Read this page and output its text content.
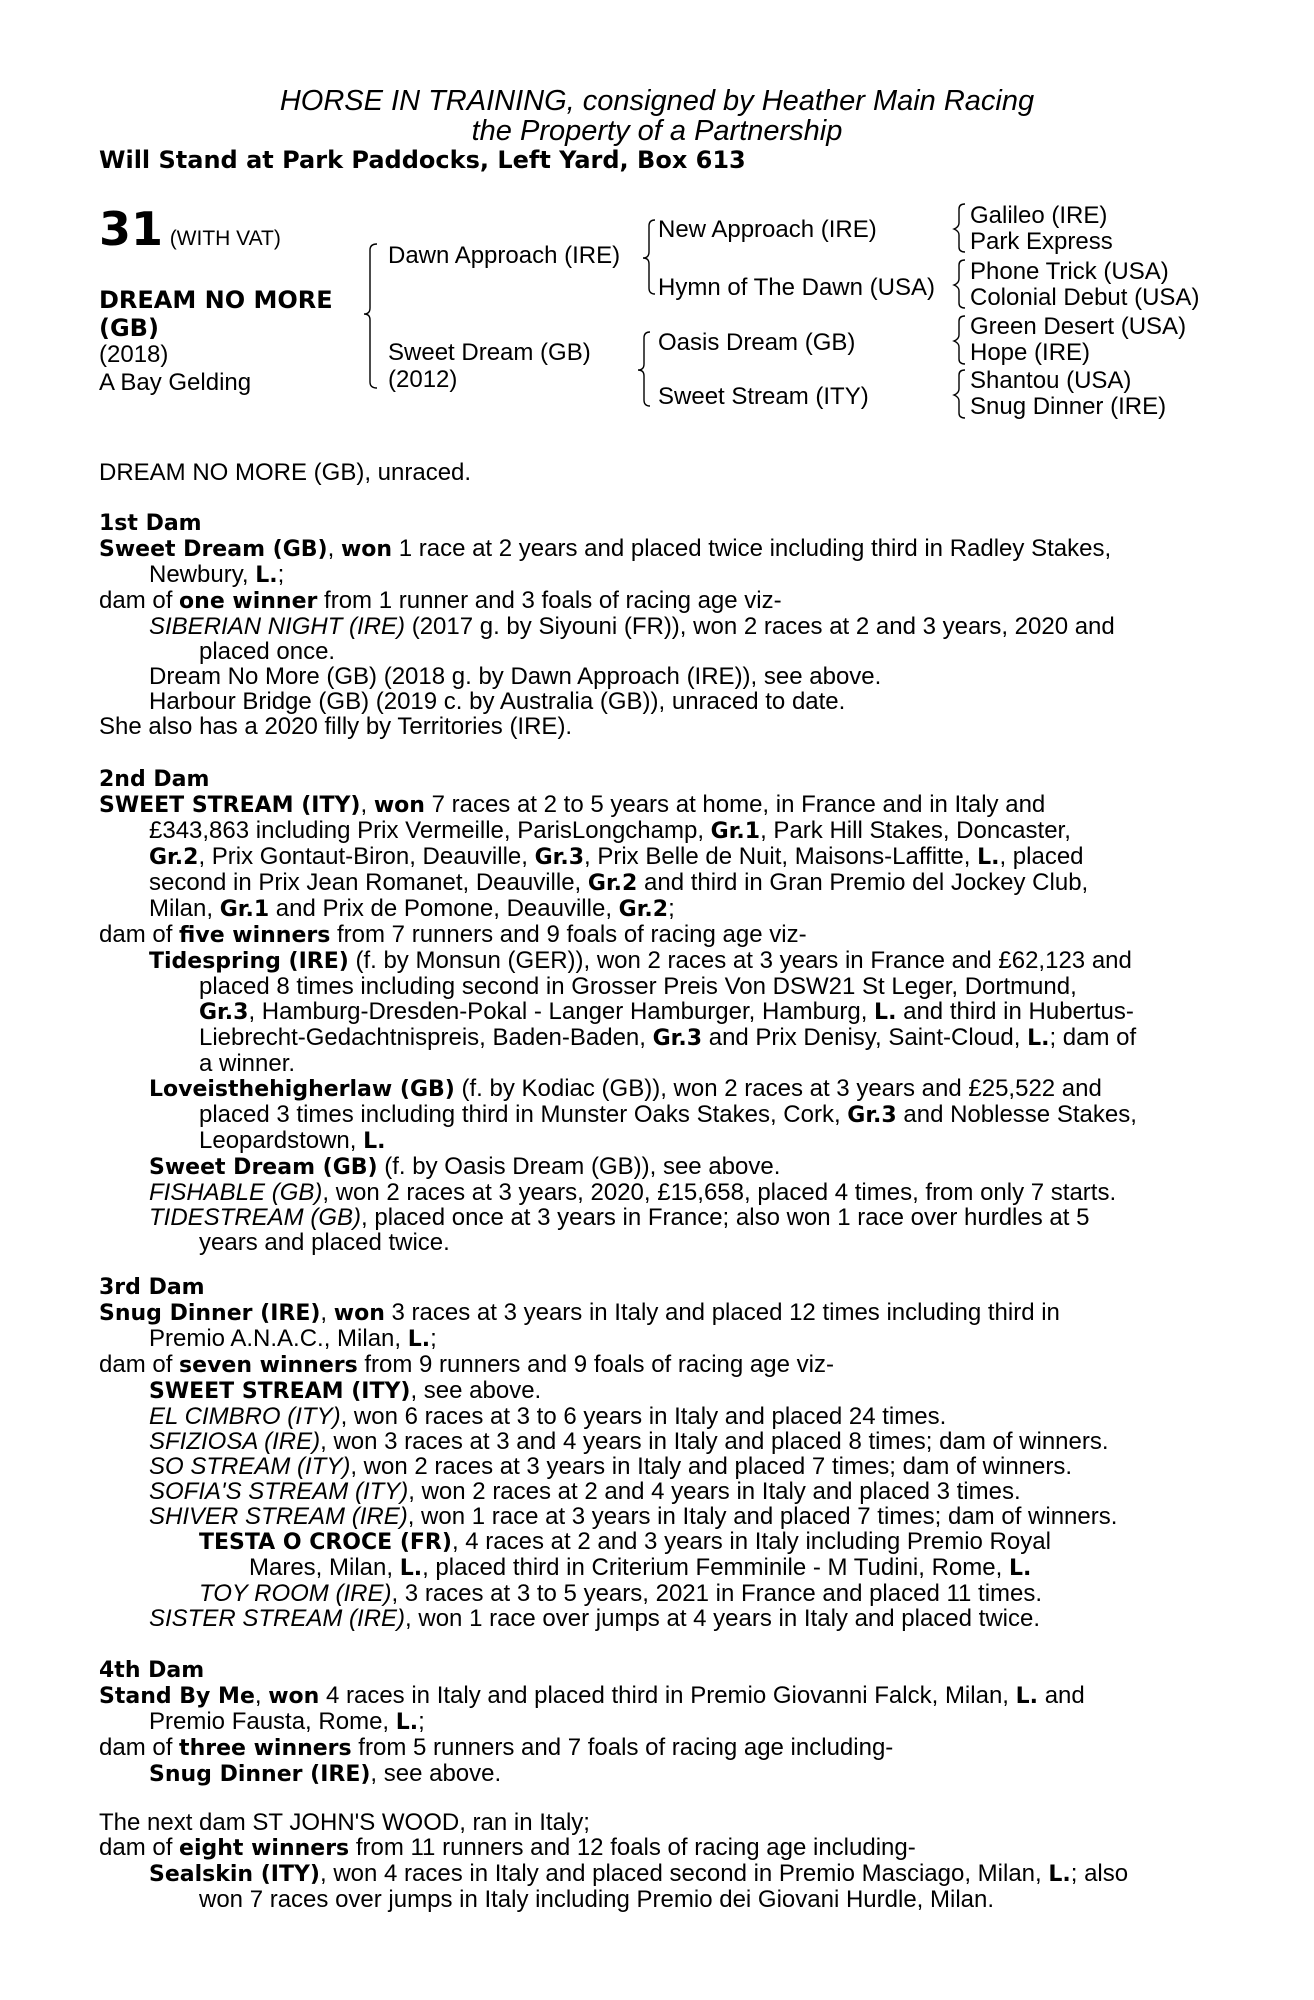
HORSE IN TRAINING, consigned by Heather Main Racing
the Property of a Partnership
Will Stand at Park Paddocks, Left Yard, Box 613
31 (WITH VAT)
DREAM NO MORE
(GB)
(2018)
A Bay Gelding
Dawn Approach (IRE)
Sweet Dream (GB)
(2012)
New Approach (IRE)
Hymn of The Dawn (USA)
Oasis Dream (GB)
Sweet Stream (ITY)
Galileo (IRE)
Park Express
Phone Trick (USA)
Colonial Debut (USA)
Green Desert (USA)
Hope (IRE)
Shantou (USA)
Snug Dinner (IRE)
DREAM NO MORE (GB), unraced.
1st Dam
Sweet Dream (GB), won 1 race at 2 years and placed twice including third in Radley Stakes,
Newbury, L.;
dam of one winner from 1 runner and 3 foals of racing age viz-
SIBERIAN NIGHT (IRE) (2017 g. by Siyouni (FR)), won 2 races at 2 and 3 years, 2020 and
placed once.
Dream No More (GB) (2018 g. by Dawn Approach (IRE)), see above.
Harbour Bridge (GB) (2019 c. by Australia (GB)), unraced to date.
She also has a 2020 filly by Territories (IRE).
2nd Dam
SWEET STREAM (ITY), won 7 races at 2 to 5 years at home, in France and in Italy and
£343,863 including Prix Vermeille, ParisLongchamp, Gr.1, Park Hill Stakes, Doncaster,
Gr.2, Prix Gontaut-Biron, Deauville, Gr.3, Prix Belle de Nuit, Maisons-Laffitte, L., placed
second in Prix Jean Romanet, Deauville, Gr.2 and third in Gran Premio del Jockey Club,
Milan, Gr.1 and Prix de Pomone, Deauville, Gr.2;
dam of five winners from 7 runners and 9 foals of racing age viz-
Tidespring (IRE) (f. by Monsun (GER)), won 2 races at 3 years in France and £62,123 and
placed 8 times including second in Grosser Preis Von DSW21 St Leger, Dortmund,
Gr.3, Hamburg-Dresden-Pokal - Langer Hamburger, Hamburg, L. and third in Hubertus-
Liebrecht-Gedachtnispreis, Baden-Baden, Gr.3 and Prix Denisy, Saint-Cloud, L.; dam of
a winner.
Loveisthehigherlaw (GB) (f. by Kodiac (GB)), won 2 races at 3 years and £25,522 and
placed 3 times including third in Munster Oaks Stakes, Cork, Gr.3 and Noblesse Stakes,
Leopardstown, L.
Sweet Dream (GB) (f. by Oasis Dream (GB)), see above.
FISHABLE (GB), won 2 races at 3 years, 2020, £15,658, placed 4 times, from only 7 starts.
TIDESTREAM (GB), placed once at 3 years in France; also won 1 race over hurdles at 5
years and placed twice.
3rd Dam
Snug Dinner (IRE), won 3 races at 3 years in Italy and placed 12 times including third in
Premio A.N.A.C., Milan, L.;
dam of seven winners from 9 runners and 9 foals of racing age viz-
SWEET STREAM (ITY), see above.
EL CIMBRO (ITY), won 6 races at 3 to 6 years in Italy and placed 24 times.
SFIZIOSA (IRE), won 3 races at 3 and 4 years in Italy and placed 8 times; dam of winners.
SO STREAM (ITY), won 2 races at 3 years in Italy and placed 7 times; dam of winners.
SOFIA'S STREAM (ITY), won 2 races at 2 and 4 years in Italy and placed 3 times.
SHIVER STREAM (IRE), won 1 race at 3 years in Italy and placed 7 times; dam of winners.
TESTA O CROCE (FR), 4 races at 2 and 3 years in Italy including Premio Royal
Mares, Milan, L., placed third in Criterium Femminile - M Tudini, Rome, L.
TOY ROOM (IRE), 3 races at 3 to 5 years, 2021 in France and placed 11 times.
SISTER STREAM (IRE), won 1 race over jumps at 4 years in Italy and placed twice.
4th Dam
Stand By Me, won 4 races in Italy and placed third in Premio Giovanni Falck, Milan, L. and
Premio Fausta, Rome, L.;
dam of three winners from 5 runners and 7 foals of racing age including-
Snug Dinner (IRE), see above.
The next dam ST JOHN'S WOOD, ran in Italy;
dam of eight winners from 11 runners and 12 foals of racing age including-
Sealskin (ITY), won 4 races in Italy and placed second in Premio Masciago, Milan, L.; also
won 7 races over jumps in Italy including Premio dei Giovani Hurdle, Milan.
